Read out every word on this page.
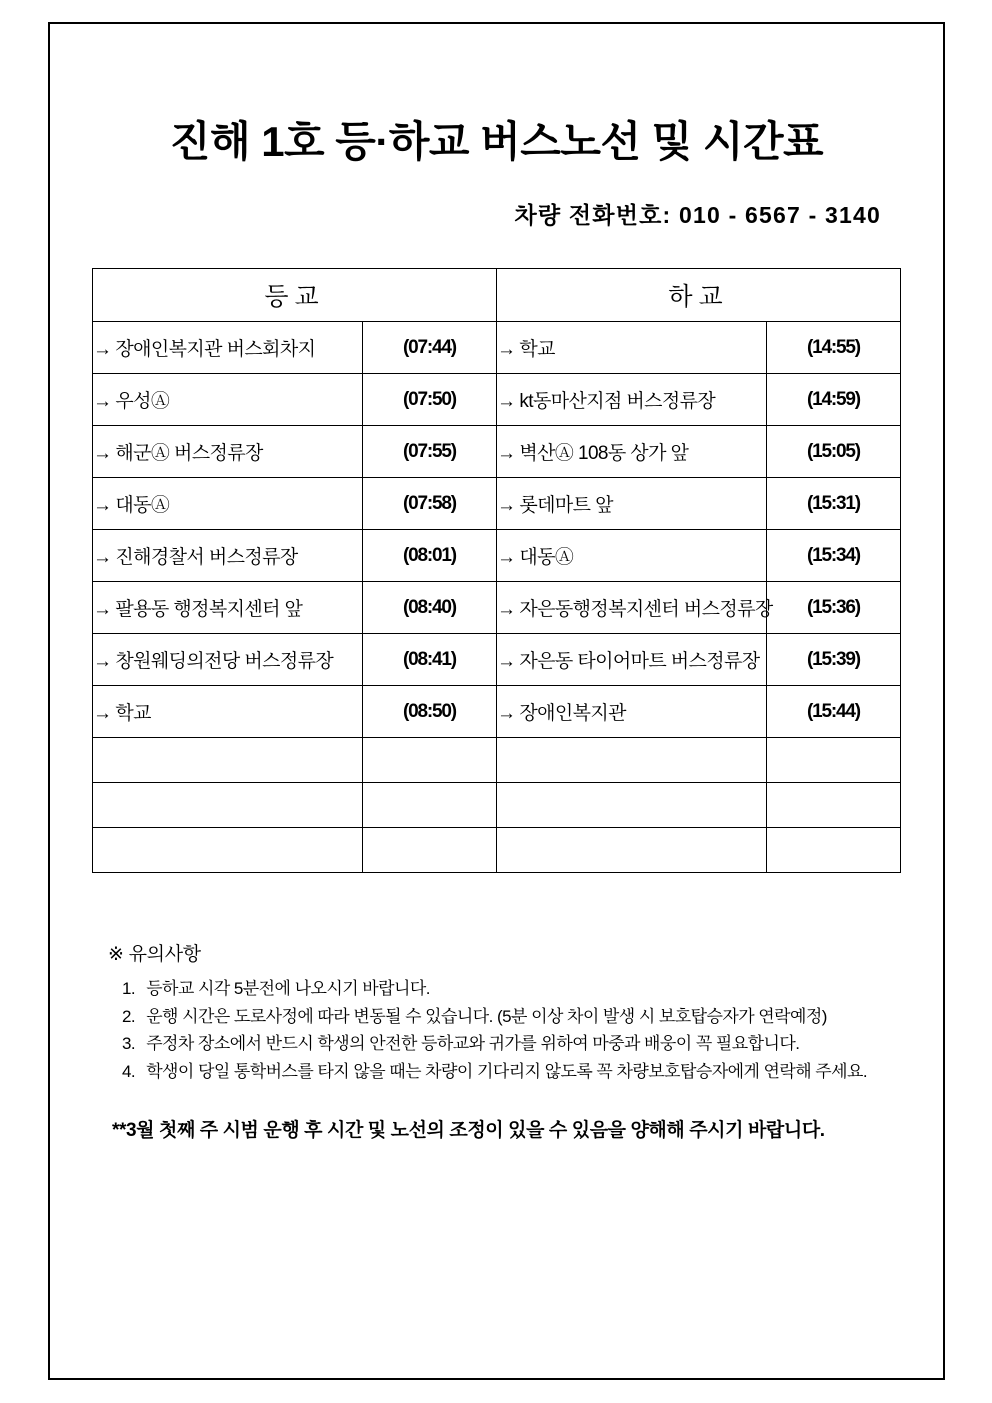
진해 1호 등·하교 버스노선 및 시간표

차량 전화번호: 010 - 6567 - 3140

등교		하교	
→ 장애인복지관 버스회차지	(07:44)	→ 학교	(14:55)
→ 우성Ⓐ	(07:50)	→ kt동마산지점 버스정류장	(14:59)
→ 해군Ⓐ 버스정류장	(07:55)	→ 벽산Ⓐ 108동 상가 앞	(15:05)
→ 대동Ⓐ	(07:58)	→ 롯데마트 앞	(15:31)
→ 진해경찰서 버스정류장	(08:01)	→ 대동Ⓐ	(15:34)
→ 팔용동 행정복지센터 앞	(08:40)	→ 자은동행정복지센터 버스정류장	(15:36)
→ 창원웨딩의전당 버스정류장	(08:41)	→ 자은동 타이어마트 버스정류장	(15:39)
→ 학교	(08:50)	→ 장애인복지관	(15:44)

※ 유의사항
1. 등하교 시각 5분전에 나오시기 바랍니다.
2. 운행 시간은 도로사정에 따라 변동될 수 있습니다. (5분 이상 차이 발생 시 보호탑승자가 연락예정)
3. 주정차 장소에서 반드시 학생의 안전한 등하교와 귀가를 위하여 마중과 배웅이 꼭 필요합니다.
4. 학생이 당일 통학버스를 타지 않을 때는 차량이 기다리지 않도록 꼭 차량보호탑승자에게 연락해 주세요.
**3월 첫째 주 시범 운행 후 시간 및 노선의 조정이 있을 수 있음을 양해해 주시기 바랍니다.
